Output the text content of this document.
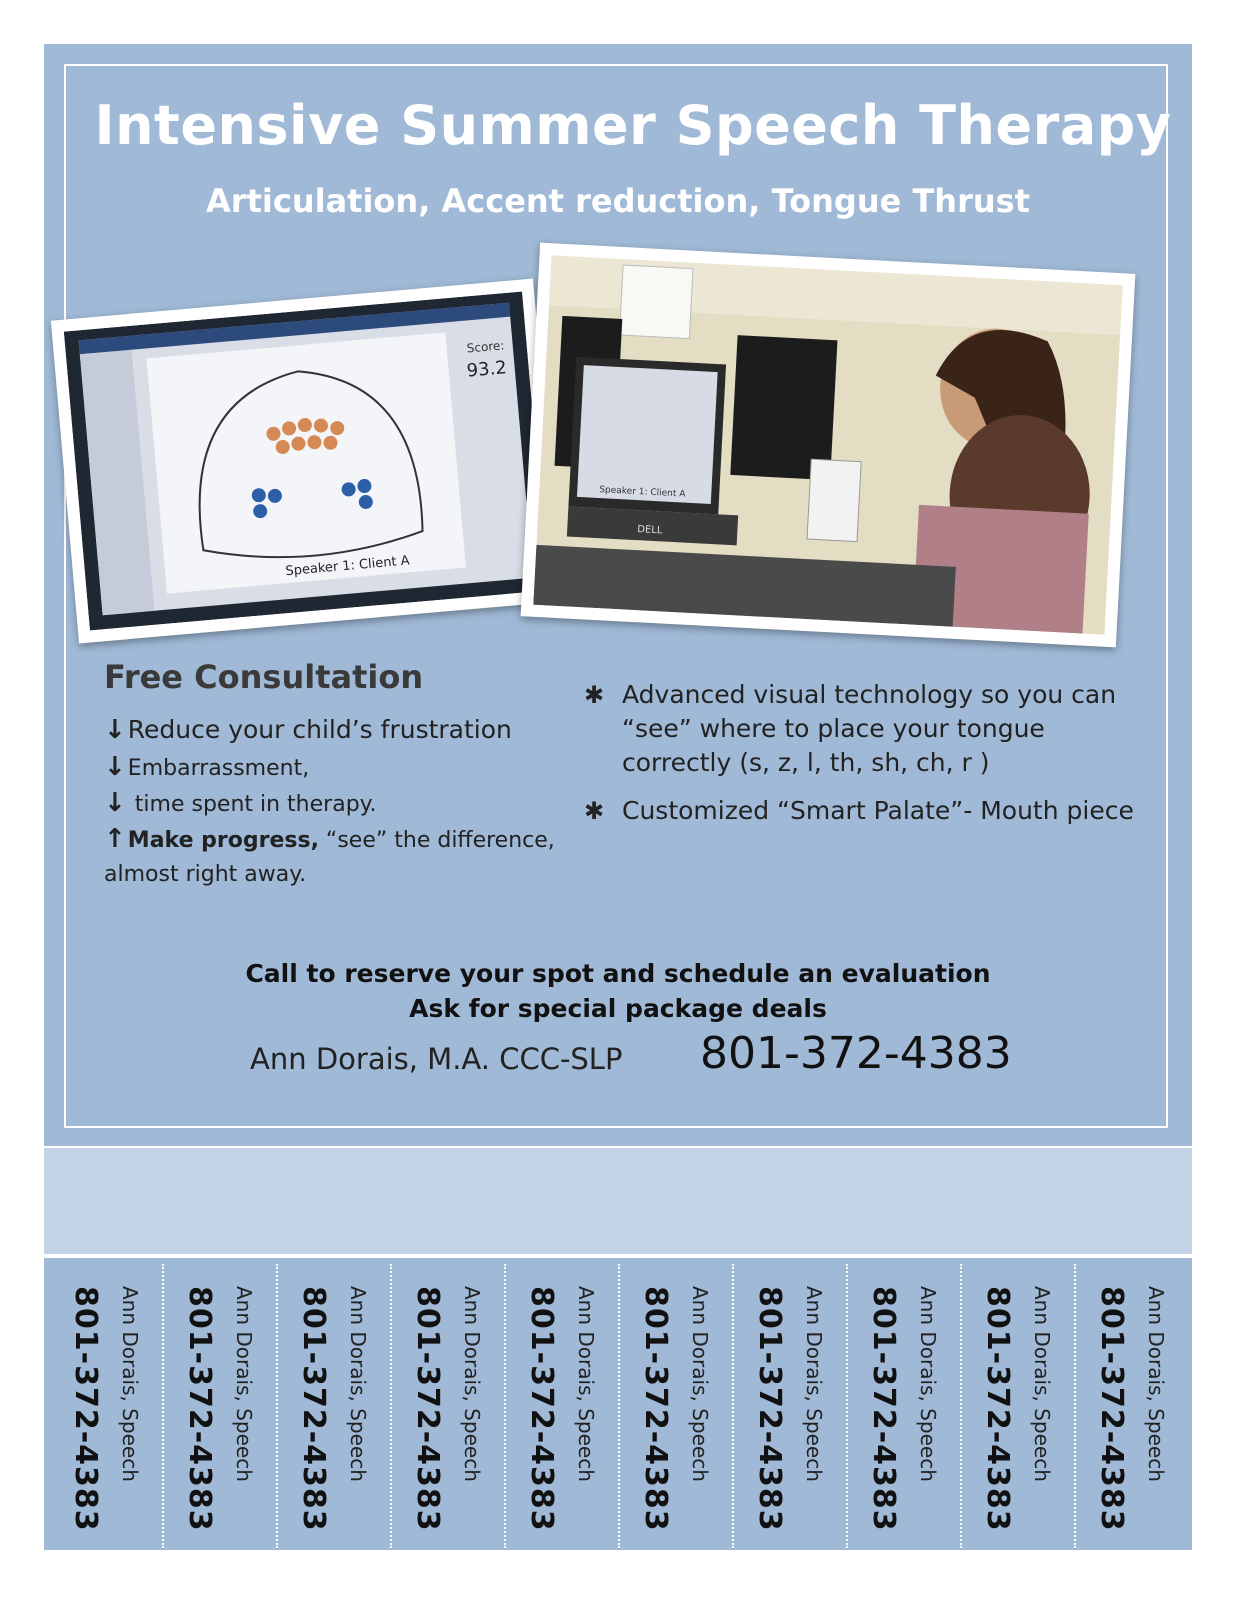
Intensive Summer Speech Therapy
Articulation, Accent reduction, Tongue Thrust
Score:
93.2
Speaker 1: Client A
DELL
Speaker 1: Client A
Free Consultation
↓Reduce your child’s frustration
↓Embarrassment,
↓ time spent in therapy.
↑Make progress, “see” the difference,
almost right away.
✱ Advanced visual technology so you can “see” where to place your tongue correctly (s, z, l, th, sh, ch, r )
✱ Customized “Smart Palate”- Mouth piece
Call to reserve your spot and schedule an evaluation
Ask for special package deals
Ann Dorais, M.A. CCC-SLP 801-372-4383
801-372-4383 Ann Dorais, Speech 801-372-4383 Ann Dorais, Speech 801-372-4383 Ann Dorais, Speech 801-372-4383 Ann Dorais, Speech 801-372-4383 Ann Dorais, Speech 801-372-4383 Ann Dorais, Speech 801-372-4383 Ann Dorais, Speech 801-372-4383 Ann Dorais, Speech 801-372-4383 Ann Dorais, Speech 801-372-4383 Ann Dorais, Speech
